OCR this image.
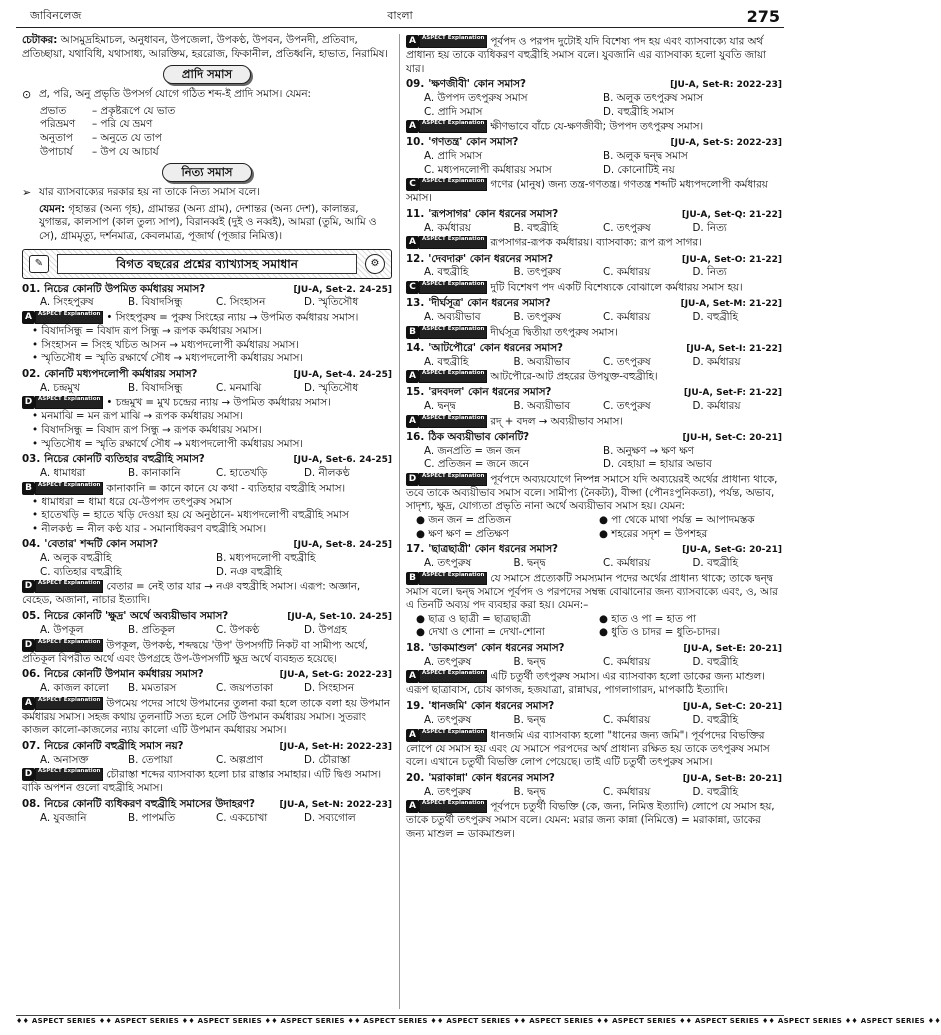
জাবিনলেজ	বাংলা	275

চেটাকর: আসমুদ্রহিমাচল, অনুধাবন, উপজেলা, উপকণ্ঠ, উপবন, উপনদী, প্রতিবাদ, প্রতিচ্ছায়া, যথাবিধি, যথাসাধ্য, আরক্তিম, হররোজ, ফিকানীল, প্রতিধ্বনি, হাভাত, নিরামিষ।

প্রাদি সমাস
⊙ প্র, পরি, অনু প্রভৃতি উপসর্গ যোগে গঠিত শব্দ-ই প্রাদি সমাস। যেমন:
প্রভাত	– প্রকৃষ্টরূপে যে ভাত
পরিভ্রমণ	– পরি যে ভ্রমণ
অনুতাপ	– অনুতে যে তাপ
উপাচার্য	– উপ যে আচার্য
নিত্য সমাস
➢ যার ব্যাসবাক্যের দরকার হয় না তাকে নিত্য সমাস বলে।

যেমন: গৃহান্তর (অন্য গৃহ), গ্রামান্তর (অন্য গ্রাম), দেশান্তর (অন্য দেশ), কালান্তর, যুগান্তর, কালসাপ (কাল তুল্য সাপ), বিরানব্বই (দুই ও নব্বই), আমরা (তুমি, আমি ও সে), গ্রামমৃত্যু, দর্শনমাত্র, কেবলমাত্র, পূজার্থ (পূজার নিমিত্ত)।

✎	বিগত বছরের প্রশ্নের ব্যাখ্যাসহ সমাধান	⚙
01. নিচের কোনটি উপমিত কর্মধারয় সমাস?	[JU-A, Set-2. 24-25]
A. সিংহপুরুষ	B. বিষাদসিন্ধু	C. সিংহাসন	D. স্মৃতিসৌধ
A	ASPECT Explanation • সিংহপুরুষ = পুরুষ সিংহের ন্যায় → উপমিত কর্মধারয় সমাস।
• বিষাদসিন্ধু = বিষাদ রূপ সিন্ধু → রূপক কর্মধারয় সমাস।
• সিংহাসন = সিংহ খচিত আসন → মধ্যপদলোপী কর্মধারয় সমাস।
• স্মৃতিসৌধ = স্মৃতি রক্ষার্থে সৌধ → মধ্যপদলোপী কর্মধারয় সমাস।
02. কোনটি মধ্যপদলোপী কর্মধারয় সমাস?	[JU-A, Set-4. 24-25]
A. চন্দ্রমুখ	B. বিষাদসিন্ধু	C. মনমাঝি	D. স্মৃতিসৌধ
D	ASPECT Explanation • চন্দ্রমুখ = মুখ চন্দ্রের ন্যায় → উপমিত কর্মধারয় সমাস।
• মনমাঝি = মন রূপ মাঝি → রূপক কর্মধারয় সমাস।
• বিষাদসিন্ধু = বিষাদ রূপ সিন্ধু → রূপক কর্মধারয় সমাস।
• স্মৃতিসৌধ = স্মৃতি রক্ষার্থে সৌধ → মধ্যপদলোপী কর্মধারয় সমাস।
03. নিচের কোনটি ব্যতিহার বহুব্রীহি সমাস?	[JU-A, Set-6. 24-25]
A. ধামাধরা	B. কানাকানি	C. হাতেখড়ি	D. নীলকণ্ঠ
B	ASPECT Explanation কানাকানি = কানে কানে যে কথা - ব্যতিহার বহুব্রীহি সমাস।
• ধামাধরা = ধামা ধরে যে-উপপদ তৎপুরুষ সমাস
• হাতেখড়ি = হাতে খড়ি দেওয়া হয় যে অনুষ্ঠানে- মধ্যপদলোপী বহুব্রীহি সমাস
• নীলকণ্ঠ = নীল কণ্ঠ যার - সমানাধিকরণ বহুব্রীহি সমাস।
04. 'বেতার' শব্দটি কোন সমাস?	[JU-A, Set-8. 24-25]
A. অলুক বহুব্রীহি	B. মধ্যপদলোপী বহুব্রীহি
C. ব্যতিহার বহুব্রীহি	D. নঞ বহুব্রীহি
D	ASPECT Explanation বেতার = নেই তার যার → নঞ বহুব্রীহি সমাস। এরূপ: অজ্ঞান, বেহেড, অজানা, নাচার ইত্যাদি।
05. নিচের কোনটি 'ক্ষুদ্র' অর্থে অব্যয়ীভাব সমাস?	[JU-A, Set-10. 24-25]
A. উপকূল	B. প্রতিকূল	C. উপকণ্ঠ	D. উপগ্রহ
D	ASPECT Explanation উপকূল, উপকণ্ঠ, শব্দদ্বয়ে 'উপ' উপসর্গটি নিকট বা সামীপ্য অর্থে, প্রতিকূল বিপরীত অর্থে এবং উপগ্রহে উপ-উপসর্গটি ক্ষুদ্র অর্থে ব্যবহৃত হয়েছে।
06. নিচের কোনটি উপমান কর্মধারয় সমাস?	[JU-A, Set-G: 2022-23]
A. কাজল কালো	B. মমতারস	C. জয়পতাকা	D. সিংহাসন
A	ASPECT Explanation উপমেয় পদের সাথে উপমানের তুলনা করা হলে তাকে বলা হয় উপমান কর্মধারয় সমাস। সহজ কথায় তুলনাটি সত্য হলে সেটি উপমান কর্মধারয় সমাস। সুতরাং কাজল কালো-কাজলের ন্যায় কালো এটি উপমান কর্মধারয় সমাস।
07. নিচের কোনটি বহুব্রীহি সমাস নয়?	[JU-A, Set-H: 2022-23]
A. অনাসক্ত	B. তেপায়া	C. অল্পপ্রাণ	D. চৌরাস্তা
D	ASPECT Explanation চৌরাস্তা শব্দের ব্যাসবাক্য হলো চার রাস্তার সমাহার। এটি দ্বিগু সমাস। বাকি অপশন গুলো বহুব্রীহি সমাস।
08. নিচের কোনটি ব্যধিকরণ বহুব্রীহি সমাসের উদাহরণ?	[JU-A, Set-N: 2022-23]
A. যুবজানি	B. পাপমতি	C. একচোখা	D. সব্যগোল
A	ASPECT Explanation পূর্বপদ ও পরপদ দুটোই যদি বিশেষ্য পদ হয় এবং ব্যাসবাক্যে যার অর্থ প্রাধান্য হয় তাকে ব্যধিকরণ বহুব্রীহি সমাস বলে। যুবজানি এর ব্যাসবাক্য হলো যুবতি জায়া যার।
09. 'ক্ষণজীবী' কোন সমাস?	[JU-A, Set-R: 2022-23]
A. উপপদ তৎপুরুষ সমাস	B. অলুক তৎপুরুষ সমাস
C. প্রাদি সমাস	D. বহুব্রীহি সমাস
A	ASPECT Explanation ক্ষীণভাবে বাঁচে যে-ক্ষণজীবী; উপপদ তৎপুরুষ সমাস।
10. 'গণতন্ত্র' কোন সমাস?	[JU-A, Set-S: 2022-23]
A. প্রাদি সমাস	B. অলুক দ্বন্দ্ব সমাস
C. মধ্যপদলোপী কর্মধারয় সমাস	D. কোনোটিই নয়
C	ASPECT Explanation গণের (মানুষ) জন্য তন্ত্র-গণতন্ত্র। গণতন্ত্র শব্দটি মধ্যপদলোপী কর্মধারয় সমাস।
11. 'রূপসাগর' কোন ধরনের সমাস?	[JU-A, Set-Q: 21-22]
A. কর্মধারয়	B. বহুব্রীহি	C. তৎপুরুষ	D. নিত্য
A	ASPECT Explanation রূপসাগর-রূপক কর্মধারয়। ব্যাসবাক্য: রূপ রূপ সাগর।
12. 'দেবদারু' কোন ধরনের সমাস?	[JU-A, Set-O: 21-22]
A. বহুব্রীহি	B. তৎপুরুষ	C. কর্মধারয়	D. নিত্য
C	ASPECT Explanation দুটি বিশেষণ পদ একটি বিশেষ্যকে বোঝালে কর্মধারয় সমাস হয়।
13. 'দীর্ঘসূত্র' কোন ধরনের সমাস?	[JU-A, Set-M: 21-22]
A. অব্যয়ীভাব	B. তৎপুরুষ	C. কর্মধারয়	D. বহুব্রীহি
B	ASPECT Explanation দীর্ঘসূত্র দ্বিতীয়া তৎপুরুষ সমাস।
14. 'আটপৌরে' কোন ধরনের সমাস?	[JU-A, Set-I: 21-22]
A. বহুব্রীহি	B. অব্যয়ীভাব	C. তৎপুরুষ	D. কর্মধারয়
A	ASPECT Explanation আটপৌরে-আট প্রহরের উপযুক্ত-বহুব্রীহি।
15. 'রদবদল' কোন ধরনের সমাস?	[JU-A, Set-F: 21-22]
A. দ্বন্দ্ব	B. অব্যয়ীভাব	C. তৎপুরুষ	D. কর্মধারয়
A	ASPECT Explanation রদ্ + বদল → অব্যয়ীভাব সমাস।
16. ঠিক অব্যয়ীভাব কোনটি?	[JU-H, Set-C: 20-21]
A. জনপ্রতি = জন জন	B. অনুক্ষণ → ক্ষণ ক্ষণ
C. প্রতিজন = জনে জনে	D. বেহায়া = হায়ার অভাব
D	ASPECT Explanation পূর্বপদে অব্যয়যোগে নিষ্পন্ন সমাসে যদি অব্যয়েরই অর্থের প্রাধান্য থাকে, তবে তাকে অব্যয়ীভাব সমাস বলে। সামীপ্য (নৈকট্য), বীপ্সা (পৌনঃপুনিকতা), পর্যন্ত, অভাব, সাদৃশ্য, ক্ষুদ্র, যোগ্যতা প্রভৃতি নানা অর্থে অব্যয়ীভাব সমাস হয়। যেমন:
● জন জন = প্রতিজন	● পা থেকে মাথা পর্যন্ত = আপাদমস্তক
● ক্ষণ ক্ষণ = প্রতিক্ষণ	● শহরের সদৃশ = উপশহর
17. 'ছাত্রছাত্রী' কোন ধরনের সমাস?	[JU-A, Set-G: 20-21]
A. তৎপুরুষ	B. দ্বন্দ্ব	C. কর্মধারয়	D. বহুব্রীহি
B	ASPECT Explanation যে সমাসে প্রত্যেকটি সমস্যমান পদের অর্থের প্রাধান্য থাকে; তাকে দ্বন্দ্ব সমাস বলে। দ্বন্দ্ব সমাসে পূর্বপদ ও পরপদের সম্বন্ধ বোঝানোর জন্য ব্যাসবাক্যে এবং, ও, আর এ তিনটি অব্যয় পদ ব্যবহার করা হয়। যেমন:–
● ছাত্র ও ছাত্রী = ছাত্রছাত্রী	● হাত ও পা = হাত পা
● দেখা ও শোনা = দেখা-শোনা	● ধুতি ও চাদর = ধুতি-চাদর।
18. 'ডাকমাশুল' কোন ধরনের সমাস?	[JU-A, Set-E: 20-21]
A. তৎপুরুষ	B. দ্বন্দ্ব	C. কর্মধারয়	D. বহুব্রীহি
A	ASPECT Explanation এটি চতুর্থী তৎপুরুষ সমাস। এর ব্যাসবাক্য হলো ডাকের জন্য মাশুল। এরূপ ছাত্রাবাস, চোষ কাগজ, হজযাত্রা, রান্নাঘর, পাগলাগারদ, মাপকাঠি ইত্যাদি।
19. 'ধানজমি' কোন ধরনের সমাস?	[JU-A, Set-C: 20-21]
A. তৎপুরুষ	B. দ্বন্দ্ব	C. কর্মধারয়	D. বহুব্রীহি
A	ASPECT Explanation ধানজমি এর ব্যাসবাক্য হলো "ধানের জন্য জমি"। পূর্বপদের বিভক্তির লোপে যে সমাস হয় এবং যে সমাসে পরপদের অর্থ প্রাধান্য রক্ষিত হয় তাকে তৎপুরুষ সমাস বলে। এখানে চতুর্থী বিভক্তি লোপ পেয়েছে। তাই এটি চতুর্থী তৎপুরুষ সমাস।
20. 'মরাকান্না' কোন ধরনের সমাস?	[JU-A, Set-B: 20-21]
A. তৎপুরুষ	B. দ্বন্দ্ব	C. কর্মধারয়	D. বহুব্রীহি
A	ASPECT Explanation পূর্বপদে চতুর্থী বিভক্তি (কে, জন্য, নিমিত্ত ইত্যাদি) লোপে যে সমাস হয়, তাকে চতুর্থী তৎপুরুষ সমাস বলে। যেমন: মরার জন্য কান্না (নিমিত্তে) = মরাকান্না, ডাকের জন্য মাশুল = ডাকমাশুল।
♦♦ ASPECT SERIES ♦♦ ASPECT SERIES ♦♦ ASPECT SERIES ♦♦ ASPECT SERIES ♦♦ ASPECT SERIES ♦♦ ASPECT SERIES ♦♦ ASPECT SERIES ♦♦ ASPECT SERIES ♦♦ ASPECT SERIES ♦♦ ASPECT SERIES ♦♦ ASPECT SERIES ♦♦
